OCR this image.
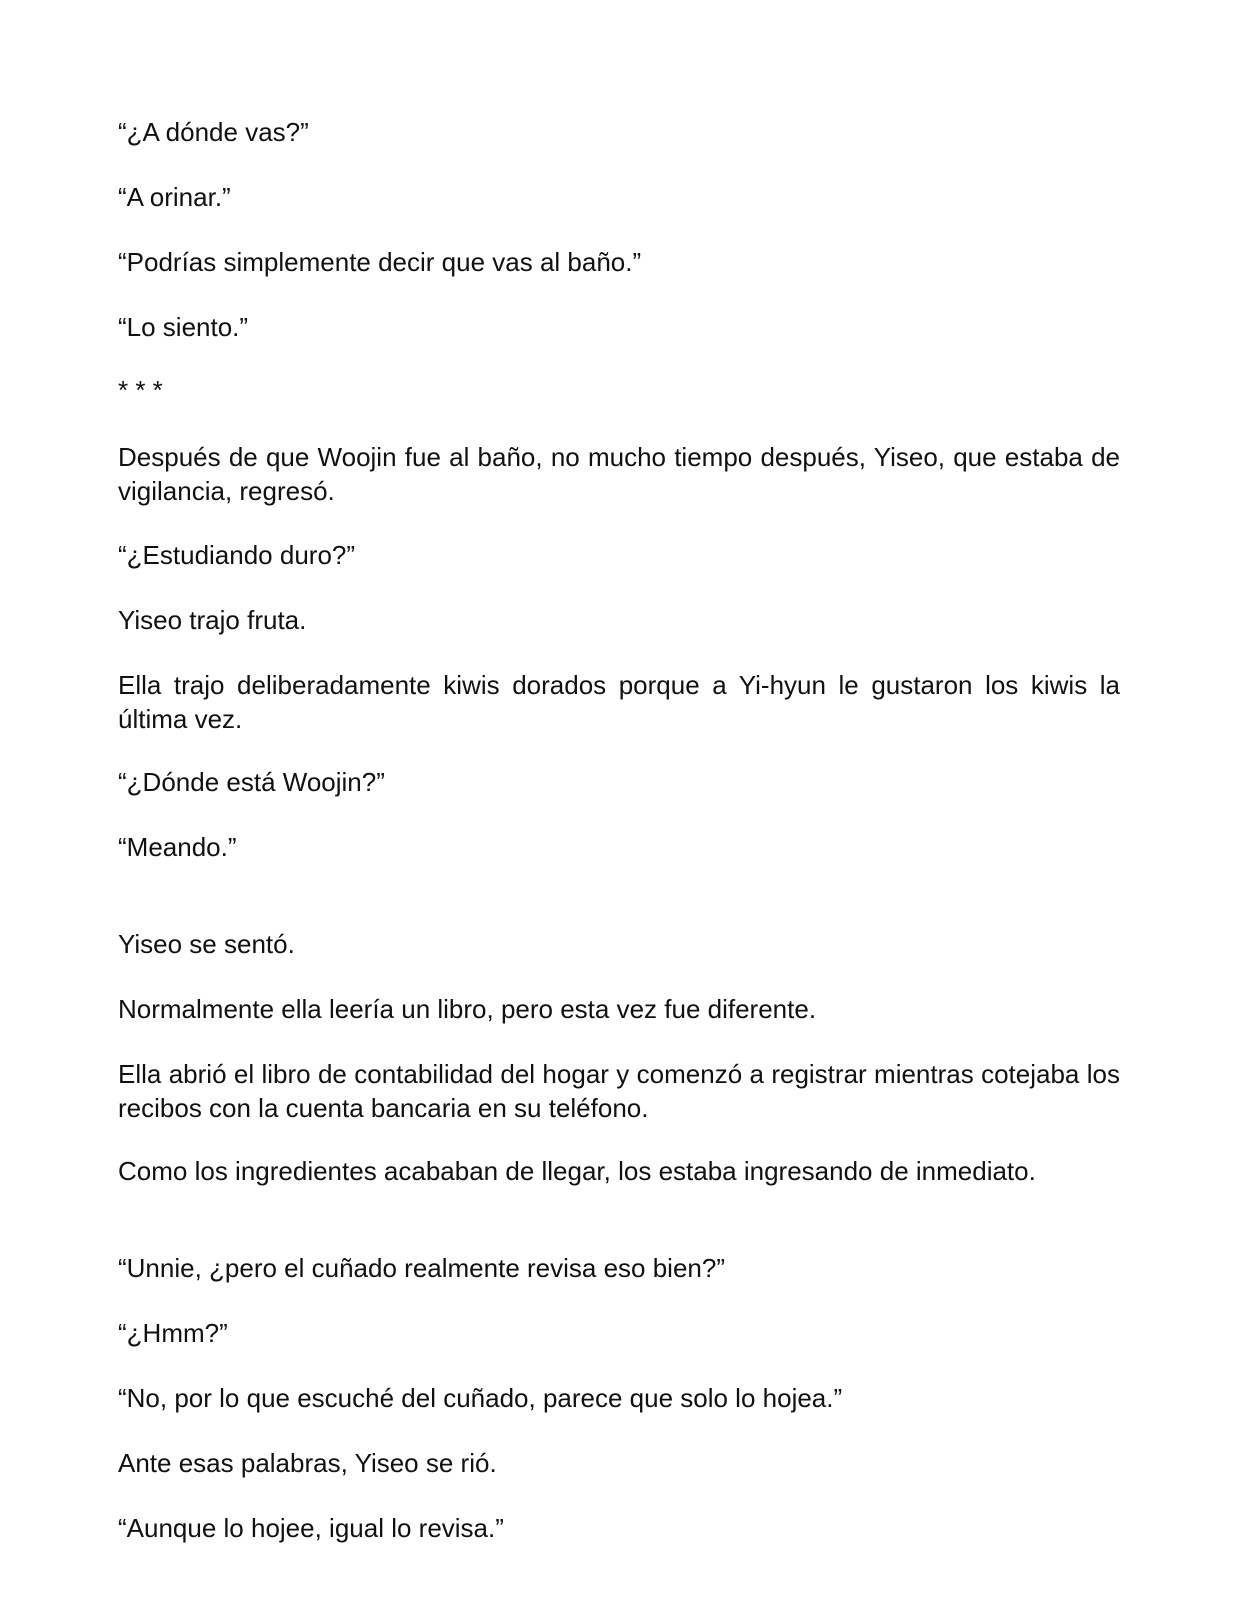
“¿A dónde vas?”

“A orinar.”

“Podrías simplemente decir que vas al baño.”

“Lo siento.”

* * *

Después de que Woojin fue al baño, no mucho tiempo después, Yiseo, que estaba de vigilancia, regresó.

“¿Estudiando duro?”

Yiseo trajo fruta.

Ella trajo deliberadamente kiwis dorados porque a Yi-hyun le gustaron los kiwis la última vez.

“¿Dónde está Woojin?”

“Meando.”

Yiseo se sentó.

Normalmente ella leería un libro, pero esta vez fue diferente.

Ella abrió el libro de contabilidad del hogar y comenzó a registrar mientras cotejaba los recibos con la cuenta bancaria en su teléfono.

Como los ingredientes acababan de llegar, los estaba ingresando de inmediato.

“Unnie, ¿pero el cuñado realmente revisa eso bien?”

“¿Hmm?”

“No, por lo que escuché del cuñado, parece que solo lo hojea.”

Ante esas palabras, Yiseo se rió.

“Aunque lo hojee, igual lo revisa.”
